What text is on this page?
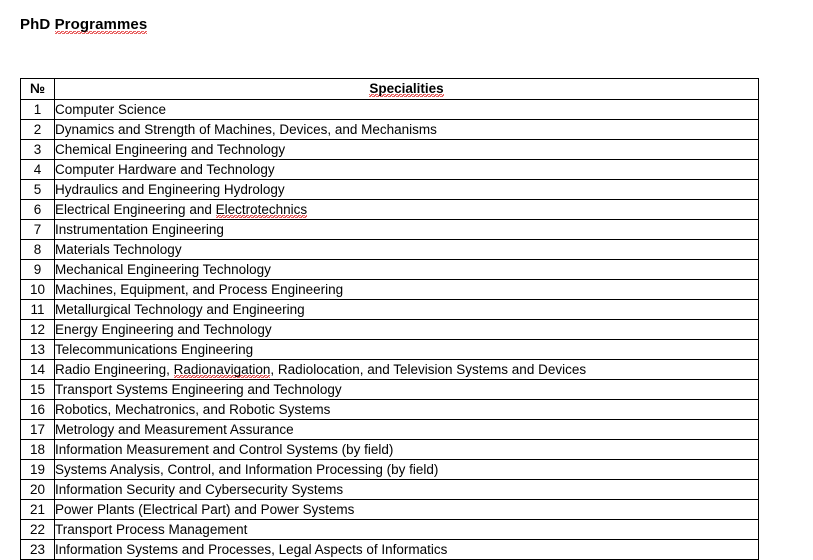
PhD Programmes
№	Specialities
1	Computer Science
2	Dynamics and Strength of Machines, Devices, and Mechanisms
3	Chemical Engineering and Technology
4	Computer Hardware and Technology
5	Hydraulics and Engineering Hydrology
6	Electrical Engineering and Electrotechnics
7	Instrumentation Engineering
8	Materials Technology
9	Mechanical Engineering Technology
10	Machines, Equipment, and Process Engineering
11	Metallurgical Technology and Engineering
12	Energy Engineering and Technology
13	Telecommunications Engineering
14	Radio Engineering, Radionavigation, Radiolocation, and Television Systems and Devices
15	Transport Systems Engineering and Technology
16	Robotics, Mechatronics, and Robotic Systems
17	Metrology and Measurement Assurance
18	Information Measurement and Control Systems (by field)
19	Systems Analysis, Control, and Information Processing (by field)
20	Information Security and Cybersecurity Systems
21	Power Plants (Electrical Part) and Power Systems
22	Transport Process Management
23	Information Systems and Processes, Legal Aspects of Informatics
